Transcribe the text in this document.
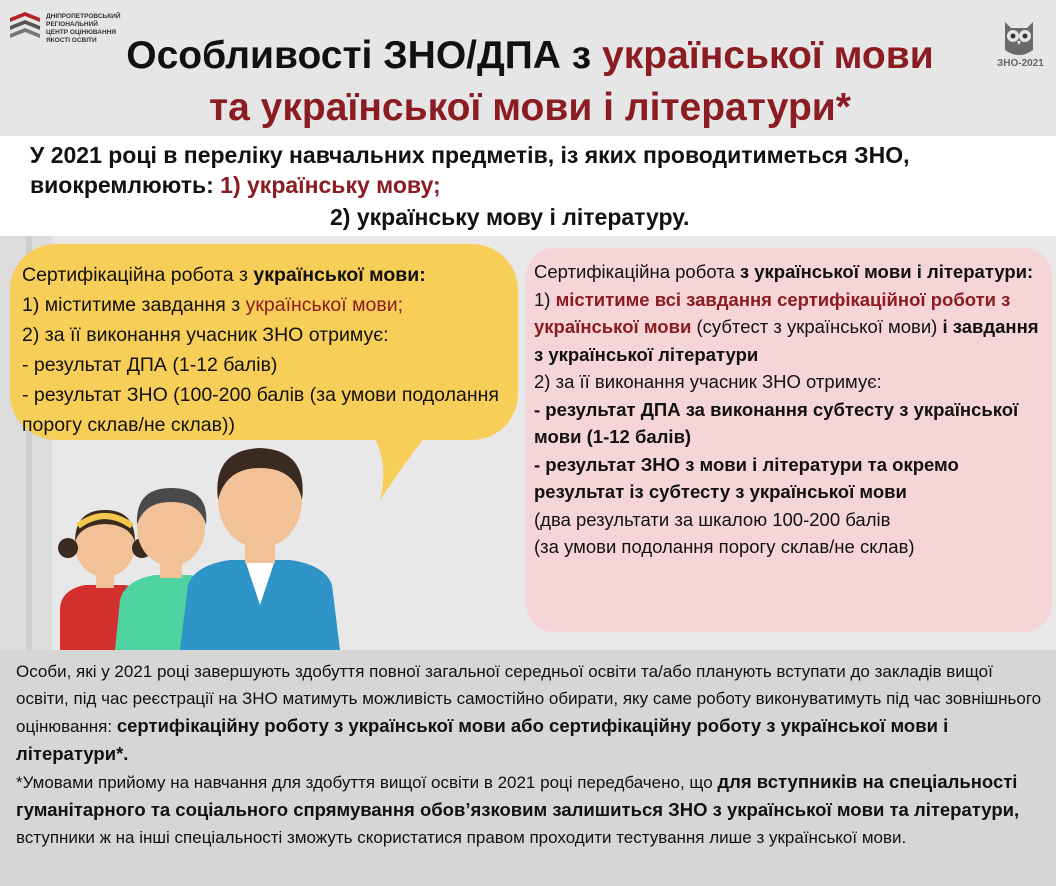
ДНІПРОПЕТРОВСЬКИЙ
РЕГІОНАЛЬНИЙ
ЦЕНТР ОЦІНЮВАННЯ
ЯКОСТІ ОСВІТИ
ЗНО-2021
Особливості ЗНО/ДПА з української мови
та української мови і літератури*
У 2021 році в переліку навчальних предметів, із яких проводитиметься ЗНО, виокремлюють: 1) українську мову;
2) українську мову і літературу.
Сертифікаційна робота з української мови:
1) міститиме завдання з української мови;
2) за її виконання учасник ЗНО отримує:
- результат ДПА (1-12 балів)
- результат ЗНО (100-200 балів (за умови подолання порогу склав/не склав))
Сертифікаційна робота з української мови і літератури:
1) міститиме всі завдання сертифікаційної роботи з української мови (субтест з української мови) і завдання з української літератури
2) за її виконання учасник ЗНО отримує:
- результат ДПА за виконання субтесту з української мови (1-12 балів)
- результат ЗНО з мови і літератури та окремо результат із субтесту з української мови
(два результати за шкалою 100-200 балів
(за умови подолання порогу склав/не склав)
Особи, які у 2021 році завершують здобуття повної загальної середньої освіти та/або планують вступати до закладів вищої освіти, під час реєстрації на ЗНО матимуть можливість самостійно обирати, яку саме роботу виконуватимуть під час зовнішнього оцінювання: сертифікаційну роботу з української мови або сертифікаційну роботу з української мови і літератури*.
*Умовами прийому на навчання для здобуття вищої освіти в 2021 році передбачено, що для вступників на спеціальності гуманітарного та соціального спрямування обов’язковим залишиться ЗНО з української мови та літератури, вступники ж на інші спеціальності зможуть скористатися правом проходити тестування лише з української мови.
